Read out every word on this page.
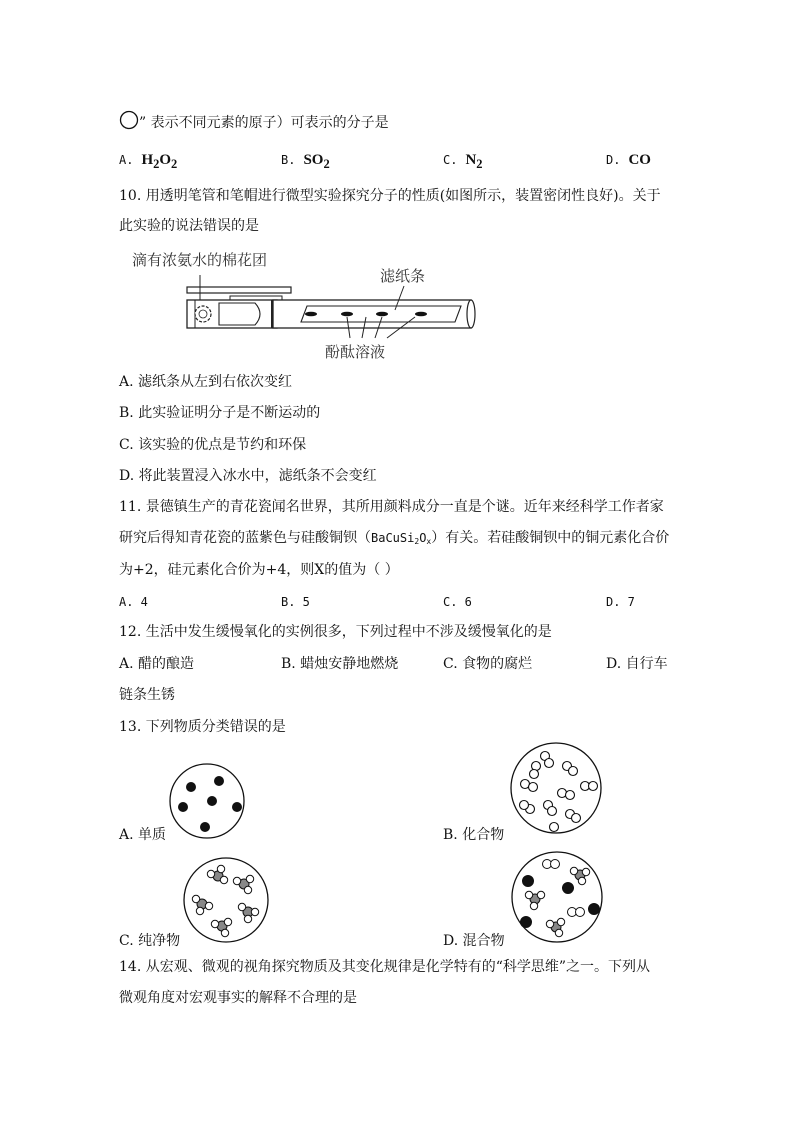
” 表示不同元素的原子）可表示的分子是
A. $H_2O_2$	B. $SO_2$	C. $N_2$	D. CO
10. 用透明笔管和笔帽进行微型实验探究分子的性质(如图所示，装置密闭性良好)。关于
此实验的说法错误的是
滴有浓氨水的棉花团
滤纸条
酚酞溶液
A. 滤纸条从左到右依次变红
B. 此实验证明分子是不断运动的
C. 该实验的优点是节约和环保
D. 将此装置浸入冰水中，滤纸条不会变红
11. 景德镇生产的青花瓷闻名世界，其所用颜料成分一直是个谜。近年来经科学工作者家
研究后得知青花瓷的蓝紫色与硅酸铜钡（BaCuSi2Ox）有关。若硅酸铜钡中的铜元素化合价
为+2，硅元素化合价为+4，则X的值为（ ）
A. 4	B. 5	C. 6	D. 7
12. 生活中发生缓慢氧化的实例很多，下列过程中不涉及缓慢氧化的是
A. 醋的酿造	B. 蜡烛安静地燃烧	C. 食物的腐烂	D. 自行车
链条生锈
13. 下列物质分类错误的是
A. 单质	B. 化合物
C. 纯净物	D. 混合物
14. 从宏观、微观的视角探究物质及其变化规律是化学特有的“科学思维”之一。下列从
微观角度对宏观事实的解释不合理的是
